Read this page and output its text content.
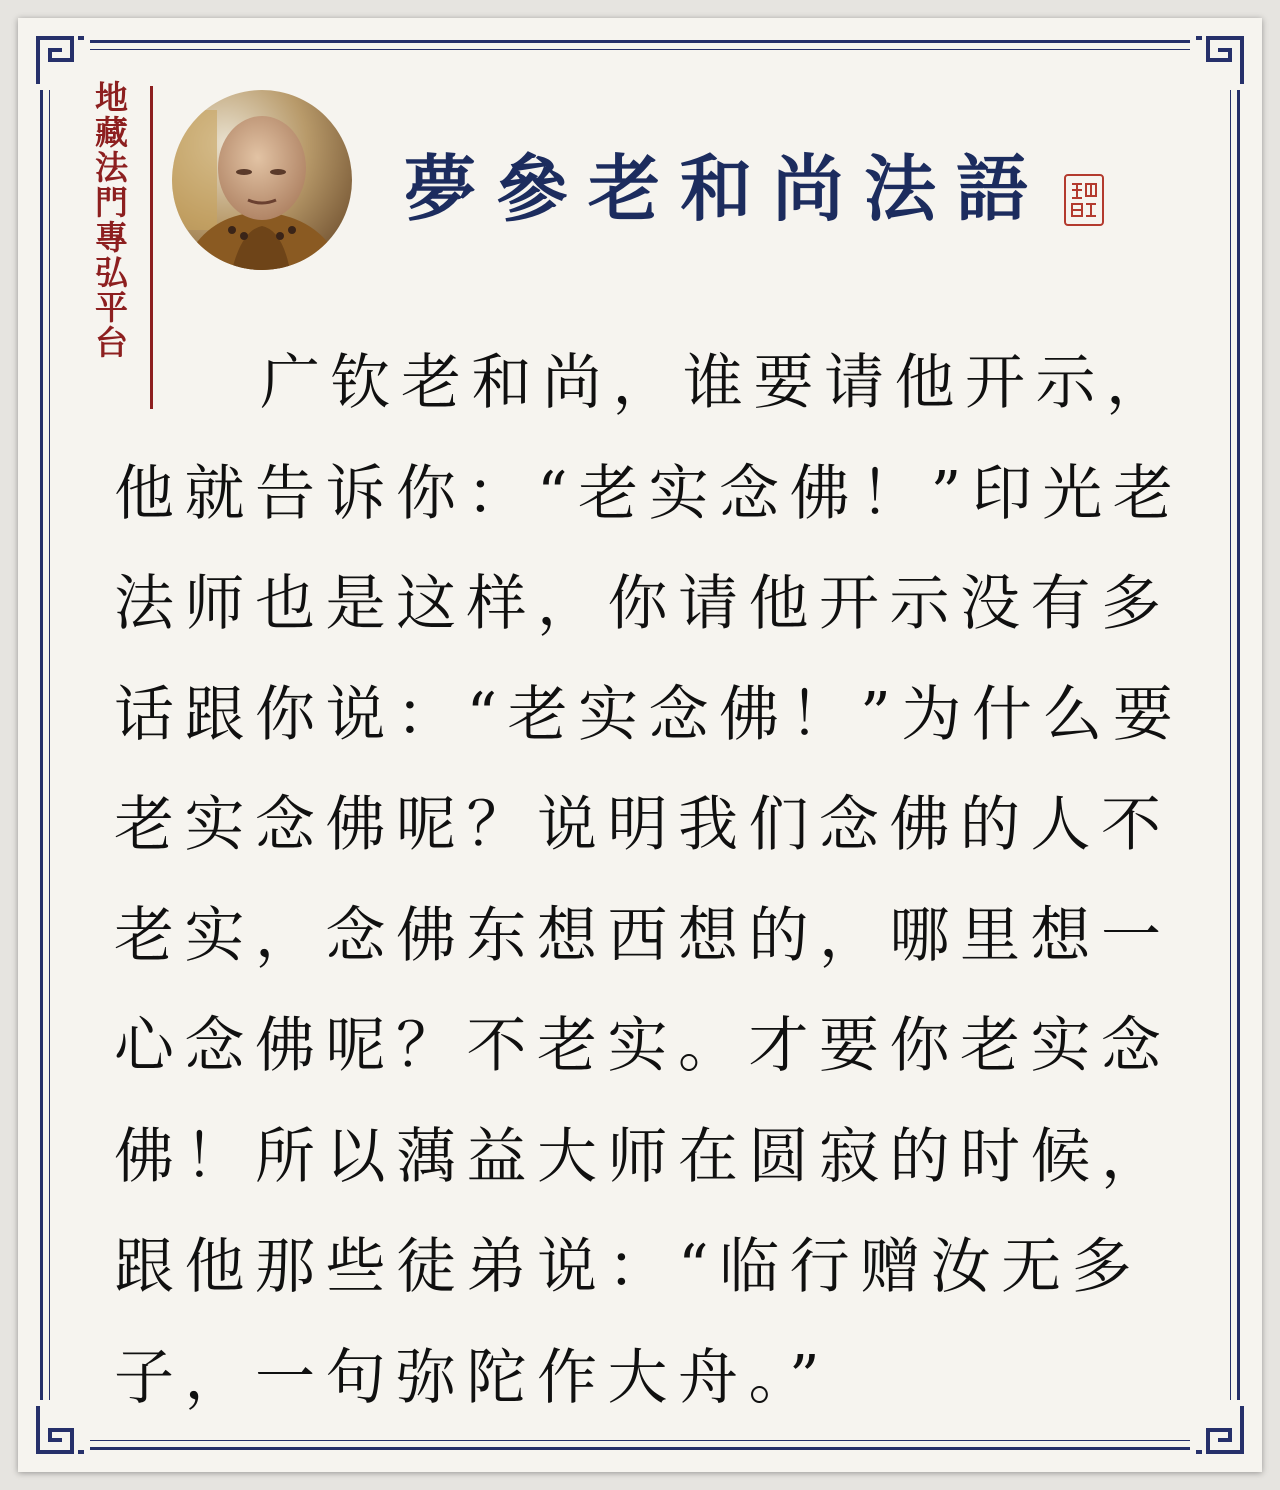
地藏法門專弘平台	夢參老和尚法語
广钦老和尚，谁要请他开示，他就告诉你：“老实念佛！”印光老法师也是这样，你请他开示没有多话跟你说：“老实念佛！”为什么要老实念佛呢？说明我们念佛的人不老实，念佛东想西想的，哪里想一心念佛呢？不老实。才要你老实念佛！所以蕅益大师在圆寂的时候，跟他那些徒弟说：“临行赠汝无多子，一句弥陀作大舟。”
